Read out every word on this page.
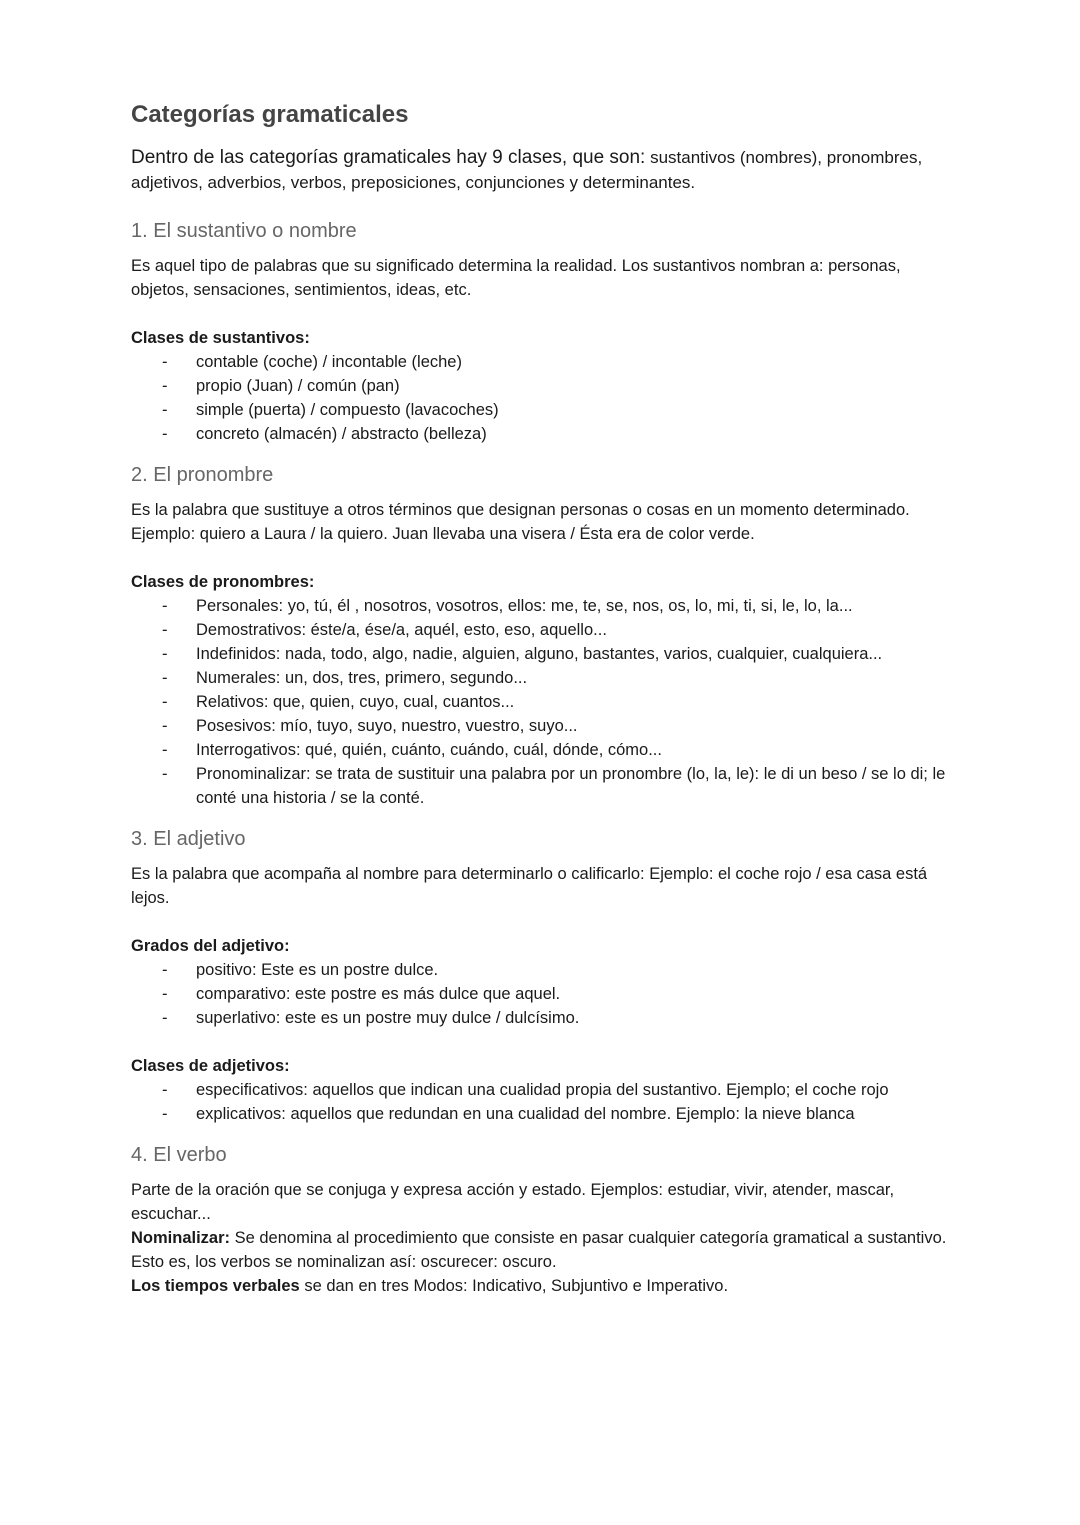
Categorías gramaticales

Dentro de las categorías gramaticales hay 9 clases, que son: sustantivos (nombres), pronombres, adjetivos, adverbios, verbos, preposiciones, conjunciones y determinantes.

1. El sustantivo o nombre

Es aquel tipo de palabras que su significado determina la realidad. Los sustantivos nombran a: personas, objetos, sensaciones, sentimientos, ideas, etc.

Clases de sustantivos:

- contable (coche) / incontable (leche)
- propio (Juan) / común (pan)
- simple (puerta) / compuesto (lavacoches)
- concreto (almacén) / abstracto (belleza)
2. El pronombre

Es la palabra que sustituye a otros términos que designan personas o cosas en un momento determinado. Ejemplo: quiero a Laura / la quiero. Juan llevaba una visera / Ésta era de color verde.

Clases de pronombres:

- Personales: yo, tú, él , nosotros, vosotros, ellos: me, te, se, nos, os, lo, mi, ti, si, le, lo, la...
- Demostrativos: éste/a, ése/a, aquél, esto, eso, aquello...
- Indefinidos: nada, todo, algo, nadie, alguien, alguno, bastantes, varios, cualquier, cualquiera...
- Numerales: un, dos, tres, primero, segundo...
- Relativos: que, quien, cuyo, cual, cuantos...
- Posesivos: mío, tuyo, suyo, nuestro, vuestro, suyo...
- Interrogativos: qué, quién, cuánto, cuándo, cuál, dónde, cómo...
- Pronominalizar: se trata de sustituir una palabra por un pronombre (lo, la, le): le di un beso / se lo di; le conté una historia / se la conté.
3. El adjetivo

Es la palabra que acompaña al nombre para determinarlo o calificarlo: Ejemplo: el coche rojo / esa casa está lejos.

Grados del adjetivo:

- positivo: Este es un postre dulce.
- comparativo: este postre es más dulce que aquel.
- superlativo: este es un postre muy dulce / dulcísimo.

Clases de adjetivos:

- especificativos: aquellos que indican una cualidad propia del sustantivo. Ejemplo; el coche rojo
- explicativos: aquellos que redundan en una cualidad del nombre. Ejemplo: la nieve blanca
4. El verbo

Parte de la oración que se conjuga y expresa acción y estado. Ejemplos: estudiar, vivir, atender, mascar, escuchar...

Nominalizar: Se denomina al procedimiento que consiste en pasar cualquier categoría gramatical a sustantivo.

Esto es, los verbos se nominalizan así: oscurecer: oscuro.

Los tiempos verbales se dan en tres Modos: Indicativo, Subjuntivo e Imperativo.
